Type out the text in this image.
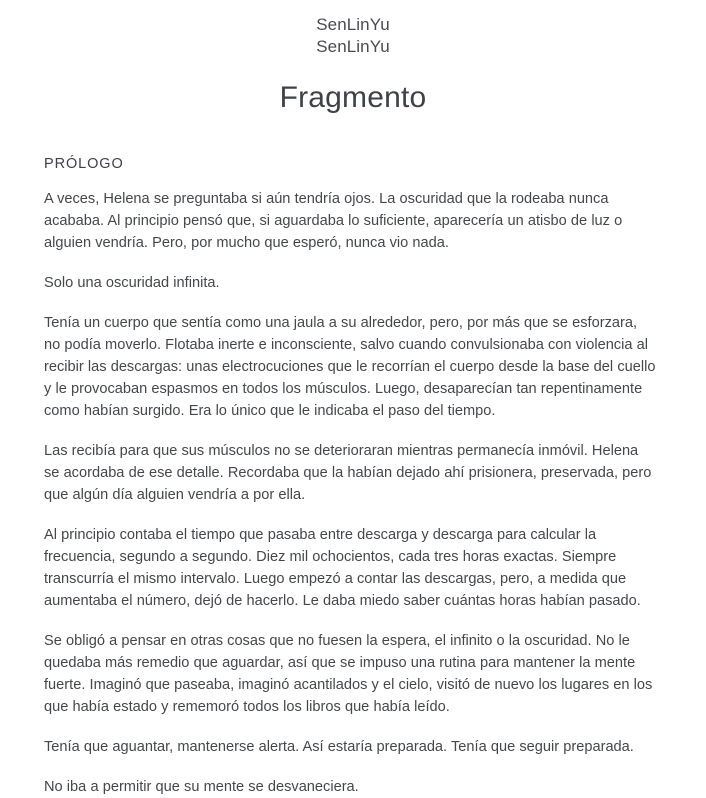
SenLinYu
SenLinYu
Fragmento
PRÓLOGO

A veces, Helena se preguntaba si aún tendría ojos. La oscuridad que la rodeaba nunca acababa. Al principio pensó que, si aguardaba lo suficiente, aparecería un atisbo de luz o alguien vendría. Pero, por mucho que esperó, nunca vio nada.

Solo una oscuridad infinita.

Tenía un cuerpo que sentía como una jaula a su alrededor, pero, por más que se esforzara, no podía moverlo. Flotaba inerte e inconsciente, salvo cuando convulsionaba con violencia al recibir las descargas: unas electrocuciones que le recorrían el cuerpo desde la base del cuello y le provocaban espasmos en todos los músculos. Luego, desaparecían tan repentinamente como habían surgido. Era lo único que le indicaba el paso del tiempo.

Las recibía para que sus músculos no se deterioraran mientras permanecía inmóvil. Helena se acordaba de ese detalle. Recordaba que la habían dejado ahí prisionera, preservada, pero que algún día alguien vendría a por ella.

Al principio contaba el tiempo que pasaba entre descarga y descarga para calcular la frecuencia, segundo a segundo. Diez mil ochocientos, cada tres horas exactas. Siempre transcurría el mismo intervalo. Luego empezó a contar las descargas, pero, a medida que aumentaba el número, dejó de hacerlo. Le daba miedo saber cuántas horas habían pasado.

Se obligó a pensar en otras cosas que no fuesen la espera, el infinito o la oscuridad. No le quedaba más remedio que aguardar, así que se impuso una rutina para mantener la mente fuerte. Imaginó que paseaba, imaginó acantilados y el cielo, visitó de nuevo los lugares en los que había estado y rememoró todos los libros que había leído.

Tenía que aguantar, mantenerse alerta. Así estaría preparada. Tenía que seguir preparada.

No iba a permitir que su mente se desvaneciera.
